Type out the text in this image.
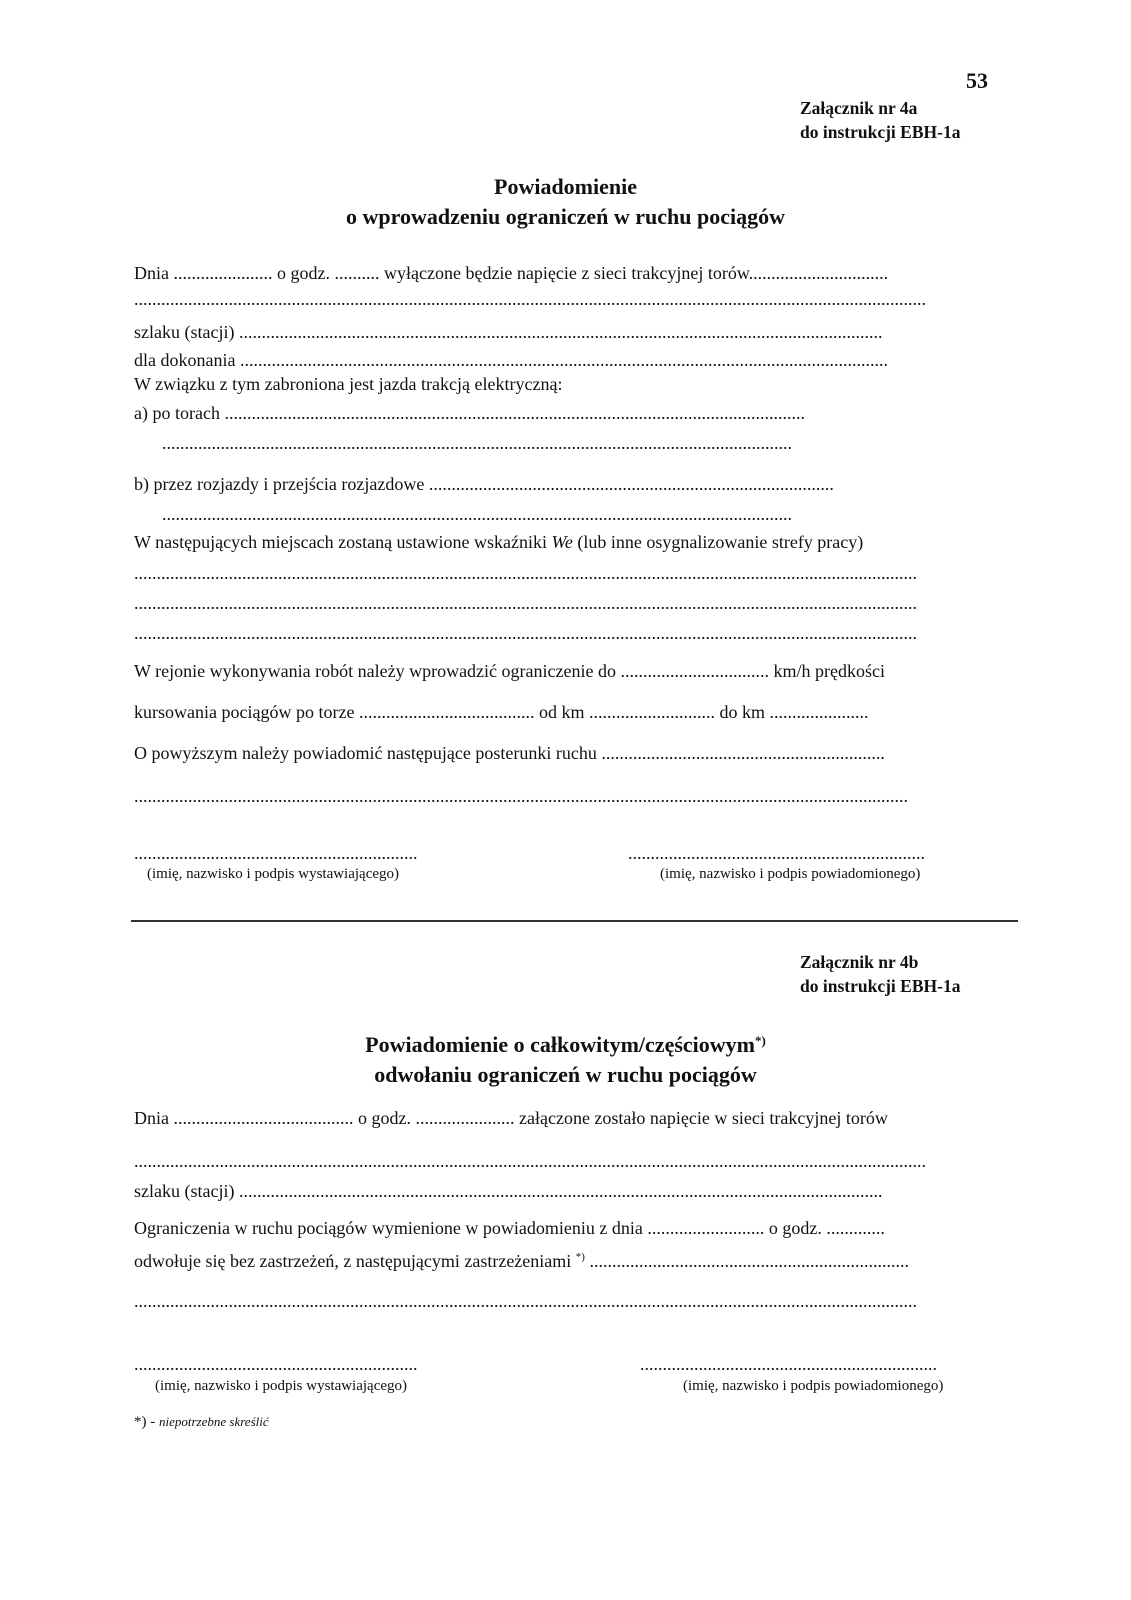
53
Załącznik nr 4a
do instrukcji EBH-1a
Powiadomienie
o wprowadzeniu ograniczeń w ruchu pociągów
Dnia ...................... o godz. .......... wyłączone będzie napięcie z sieci trakcyjnej torów...............................
................................................................................................................................................................................
szlaku (stacji) ...............................................................................................................................................
dla dokonania ................................................................................................................................................
W związku z tym zabroniona jest jazda trakcją elektryczną:
a) po torach .................................................................................................................................
............................................................................................................................................
b) przez rozjazdy i przejścia rozjazdowe ..........................................................................................
............................................................................................................................................
W następujących miejscach zostaną ustawione wskaźniki We (lub inne osygnalizowanie strefy pracy)
..............................................................................................................................................................................
..............................................................................................................................................................................
..............................................................................................................................................................................
W rejonie wykonywania robót należy wprowadzić ograniczenie do ................................. km/h prędkości
kursowania pociągów po torze ....................................... od km ............................ do km ......................
O powyższym należy powiadomić następujące posterunki ruchu ...............................................................
............................................................................................................................................................................
...............................................................
(imię, nazwisko i podpis wystawiającego)
..................................................................
(imię, nazwisko i podpis powiadomionego)
Załącznik nr 4b
do instrukcji EBH-1a
Powiadomienie o całkowitym/częściowym*)
odwołaniu ograniczeń w ruchu pociągów
Dnia ........................................ o godz. ...................... załączone zostało napięcie w sieci trakcyjnej torów
................................................................................................................................................................................
szlaku (stacji) ...............................................................................................................................................
Ograniczenia w ruchu pociągów wymienione w powiadomieniu z dnia .......................... o godz. .............
odwołuje się bez zastrzeżeń, z następującymi zastrzeżeniami *) .......................................................................
..............................................................................................................................................................................
...............................................................
(imię, nazwisko i podpis wystawiającego)
..................................................................
(imię, nazwisko i podpis powiadomionego)
*) - niepotrzebne skreślić
